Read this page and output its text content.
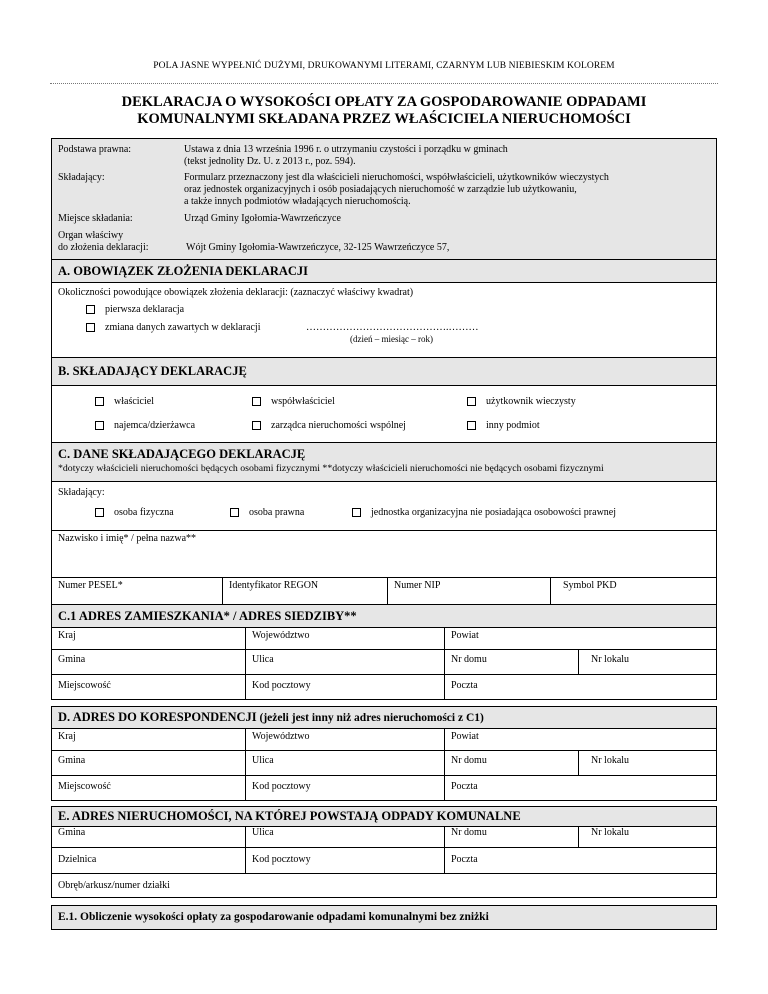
POLA JASNE WYPEŁNIĆ DUŻYMI, DRUKOWANYMI LITERAMI, CZARNYM LUB NIEBIESKIM KOLOREM
DEKLARACJA O WYSOKOŚCI OPŁATY ZA GOSPODAROWANIE ODPADAMI
KOMUNALNYMI SKŁADANA PRZEZ WŁAŚCICIELA NIERUCHOMOŚCI
Podstawa prawna:	Ustawa z dnia 13 września 1996 r. o utrzymaniu czystości i porządku w gminach
(tekst jednolity Dz. U. z 2013 r., poz. 594).
Składający:	Formularz przeznaczony jest dla właścicieli nieruchomości, współwłaścicieli, użytkowników wieczystych
oraz jednostek organizacyjnych i osób posiadających nieruchomość w zarządzie lub użytkowaniu,
a także innych podmiotów władających nieruchomością.
Miejsce składania:	Urząd Gminy Igołomia-Wawrzeńczyce
Organ właściwy
do złożenia deklaracji:	Wójt Gminy Igołomia-Wawrzeńczyce, 32-125 Wawrzeńczyce 57,
A. OBOWIĄZEK ZŁOŻENIA DEKLARACJI
Okoliczności powodujące obowiązek złożenia deklaracji: (zaznaczyć właściwy kwadrat)
pierwsza deklaracja
zmiana danych zawartych w deklaracji	…………………………………….………
(dzień – miesiąc – rok)
B. SKŁADAJĄCY DEKLARACJĘ
właściciel	współwłaściciel	użytkownik wieczysty
najemca/dzierżawca	zarządca nieruchomości wspólnej	inny podmiot
C. DANE SKŁADAJĄCEGO DEKLARACJĘ
*dotyczy właścicieli nieruchomości będących osobami fizycznymi **dotyczy właścicieli nieruchomości nie będących osobami fizycznymi
Składający:
osoba fizyczna	osoba prawna	jednostka organizacyjna nie posiadająca osobowości prawnej
Nazwisko i imię* / pełna nazwa**
Numer PESEL*	Identyfikator REGON	Numer NIP	Symbol PKD
C.1 ADRES ZAMIESZKANIA* / ADRES SIEDZIBY**
Kraj	Województwo	Powiat
Gmina	Ulica	Nr domu	Nr lokalu
Miejscowość	Kod pocztowy	Poczta
D. ADRES DO KORESPONDENCJI (jeżeli jest inny niż adres nieruchomości z C1)
Kraj	Województwo	Powiat
Gmina	Ulica	Nr domu	Nr lokalu
Miejscowość	Kod pocztowy	Poczta
E. ADRES NIERUCHOMOŚCI, NA KTÓREJ POWSTAJĄ ODPADY KOMUNALNE
Gmina	Ulica	Nr domu	Nr lokalu
Dzielnica	Kod pocztowy	Poczta
Obręb/arkusz/numer działki
E.1. Obliczenie wysokości opłaty za gospodarowanie odpadami komunalnymi bez zniżki
